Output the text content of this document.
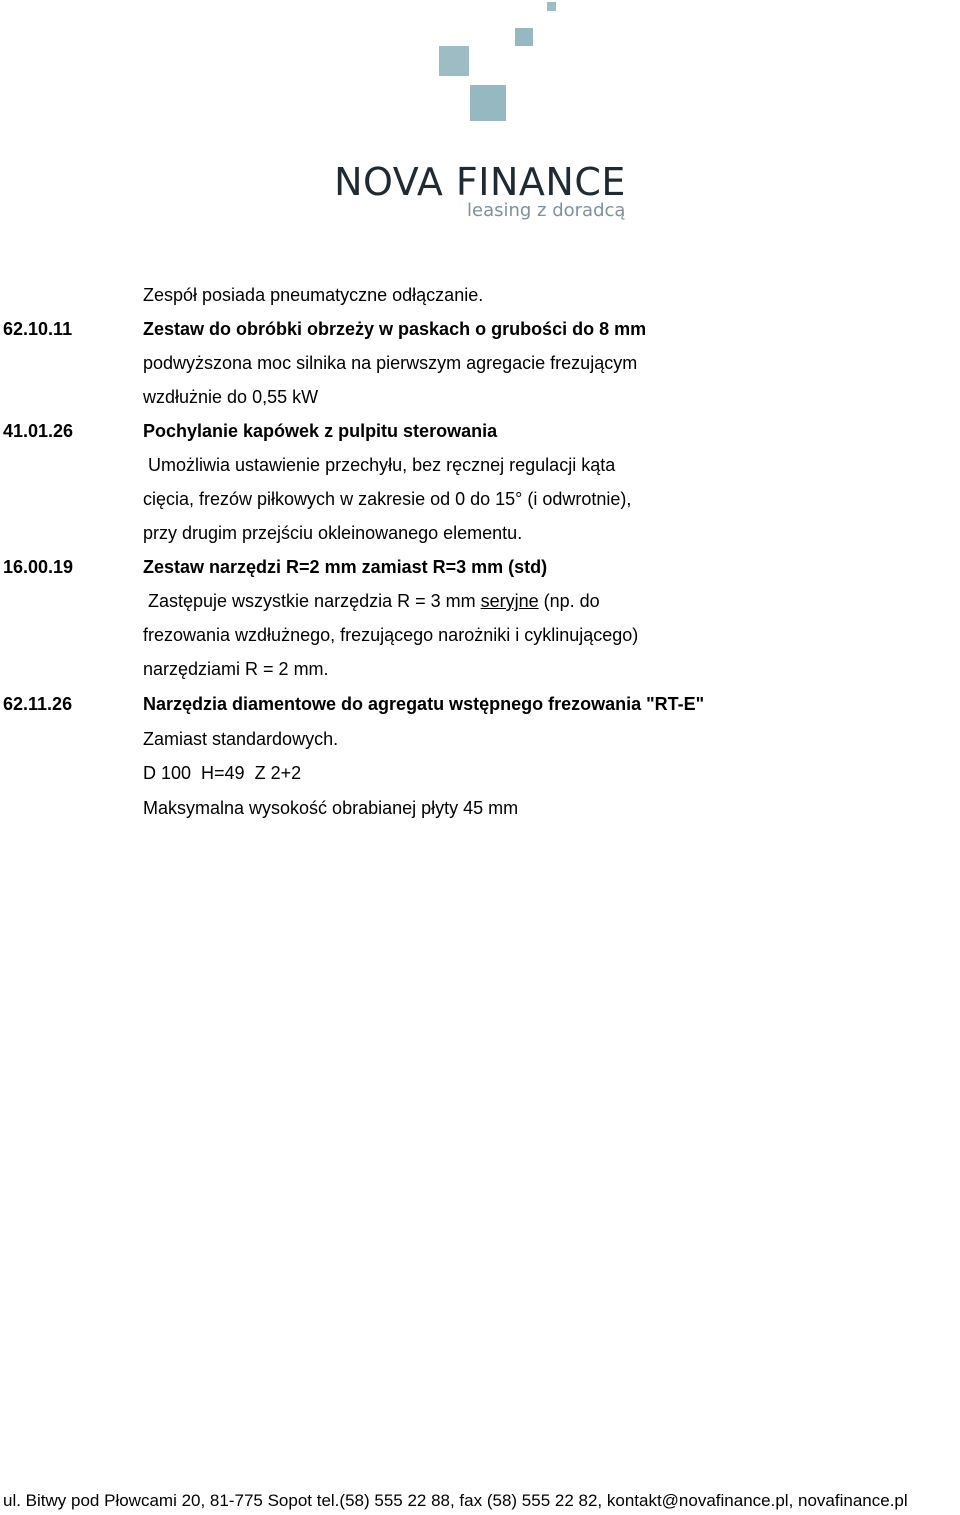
NOVA FINANCE
leasing z doradcą
Zespół posiada pneumatyczne odłączanie.
62.10.11	Zestaw do obróbki obrzeży w paskach o grubości do 8 mm
podwyższona moc silnika na pierwszym agregacie frezującym
wzdłużnie do 0,55 kW
41.01.26	Pochylanie kapówek z pulpitu sterowania
Umożliwia ustawienie przechyłu, bez ręcznej regulacji kąta
cięcia, frezów piłkowych w zakresie od 0 do 15° (i odwrotnie),
przy drugim przejściu okleinowanego elementu.
16.00.19	Zestaw narzędzi R=2 mm zamiast R=3 mm (std)
Zastępuje wszystkie narzędzia R = 3 mm seryjne (np. do
frezowania wzdłużnego, frezującego narożniki i cyklinującego)
narzędziami R = 2 mm.
62.11.26	Narzędzia diamentowe do agregatu wstępnego frezowania "RT-E"
Zamiast standardowych.
D 100  H=49  Z 2+2
Maksymalna wysokość obrabianej płyty 45 mm
ul. Bitwy pod Płowcami 20, 81-775 Sopot tel.(58) 555 22 88, fax (58) 555 22 82, kontakt@novafinance.pl, novafinance.pl
